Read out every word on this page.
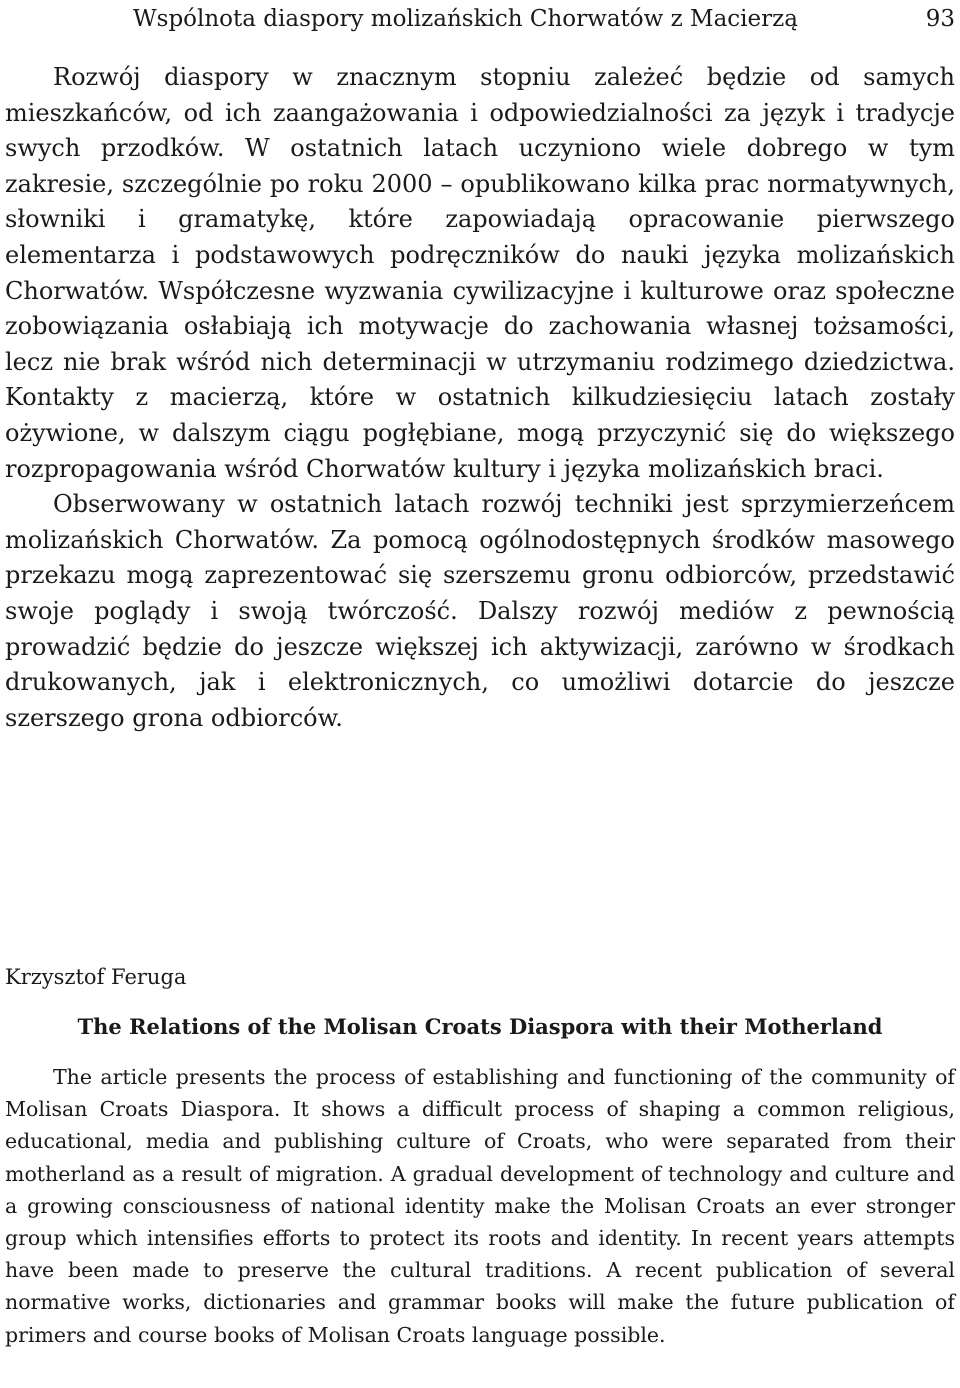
Wspólnota diaspory molizańskich Chorwatów z Macierzą	93

Rozwój diaspory w znacznym stopniu zależeć będzie od samych mieszkańców, od ich zaangażowania i odpowiedzialności za język i tradycje swych przodków. W ostatnich latach uczyniono wiele dobrego w tym zakresie, szczególnie po roku 2000 – opublikowano kilka prac normatywnych, słowniki i gramatykę, które zapowiadają opracowanie pierwszego elementarza i podstawowych podręczników do nauki języka molizańskich Chorwatów. Współczesne wyzwania cywilizacyjne i kulturowe oraz społeczne zobowiązania osłabiają ich motywacje do zachowania własnej tożsamości, lecz nie brak wśród nich determinacji w utrzymaniu rodzimego dziedzictwa. Kontakty z macierzą, które w ostatnich kilkudziesięciu latach zostały ożywione, w dalszym ciągu pogłębiane, mogą przyczynić się do większego rozpropagowania wśród Chorwatów kultury i języka molizańskich braci.

Obserwowany w ostatnich latach rozwój techniki jest sprzymierzeńcem molizańskich Chorwatów. Za pomocą ogólnodostępnych środków masowego przekazu mogą zaprezentować się szerszemu gronu odbiorców, przedstawić swoje poglądy i swoją twórczość. Dalszy rozwój mediów z pewnością prowadzić będzie do jeszcze większej ich aktywizacji, zarówno w środkach drukowanych, jak i elektronicznych, co umożliwi dotarcie do jeszcze szerszego grona odbiorców.

Krzysztof Feruga
The Relations of the Molisan Croats Diaspora with their Motherland

The article presents the process of establishing and functioning of the community of Molisan Croats Diaspora. It shows a difficult process of shaping a common religious, educational, media and publishing culture of Croats, who were separated from their motherland as a result of migration. A gradual development of technology and culture and a growing consciousness of national identity make the Molisan Croats an ever stronger group which intensifies efforts to protect its roots and identity. In recent years attempts have been made to preserve the cultural traditions. A recent publication of several normative works, dictionaries and grammar books will make the future publication of primers and course books of Molisan Croats language possible.
